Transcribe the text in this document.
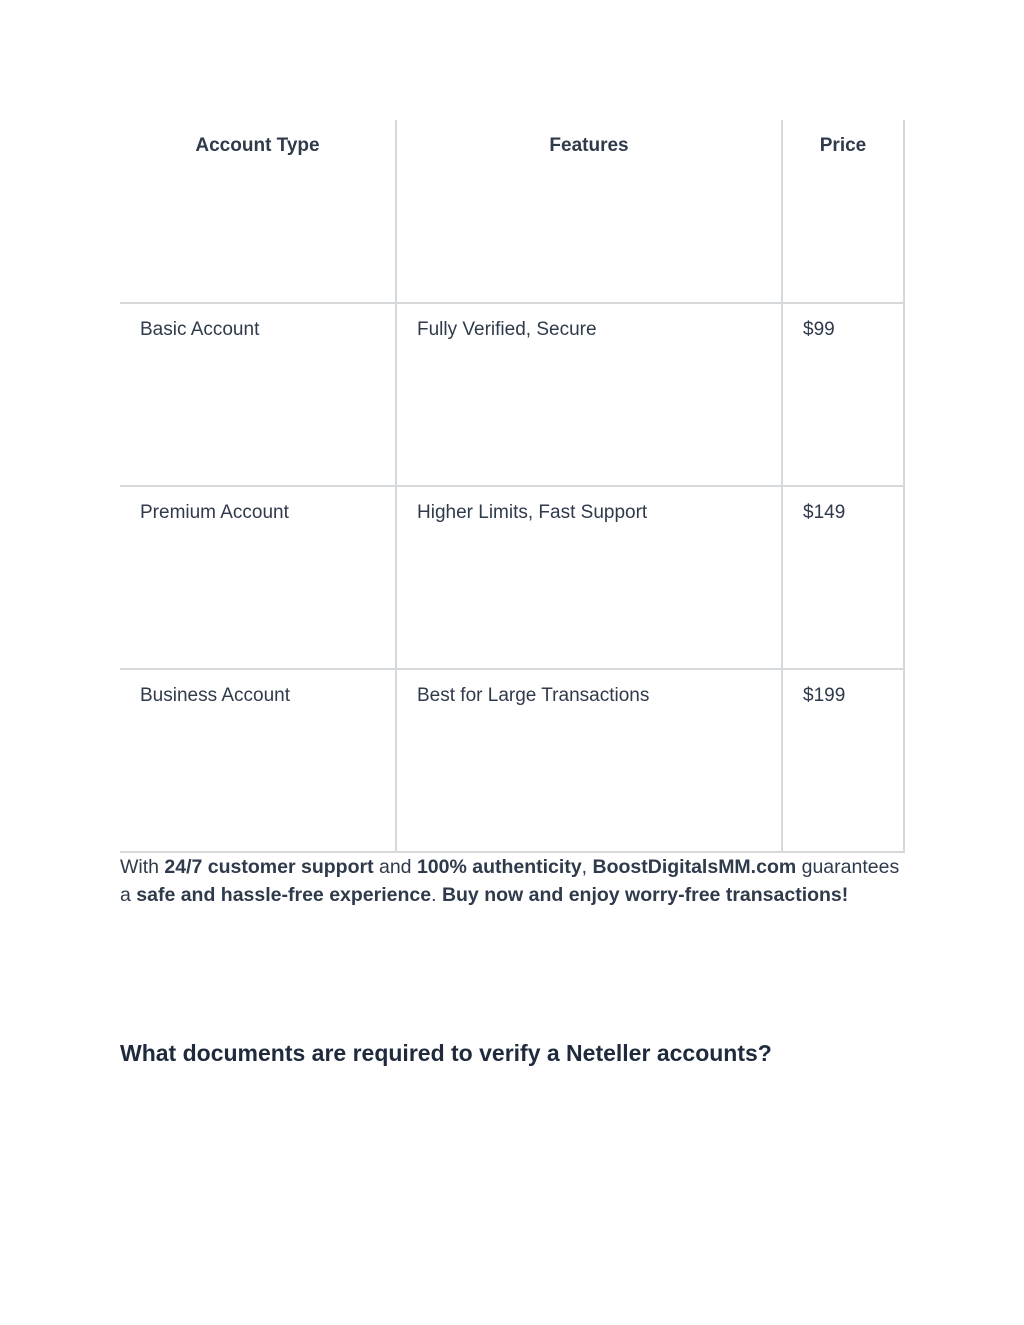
Account Type	Features	Price
Basic Account	Fully Verified, Secure	$99
Premium Account	Higher Limits, Fast Support	$149
Business Account	Best for Large Transactions	$199

With 24/7 customer support and 100% authenticity, BoostDigitalsMM.com guarantees a safe and hassle-free experience. Buy now and enjoy worry-free transactions!

What documents are required to verify a Neteller accounts?
